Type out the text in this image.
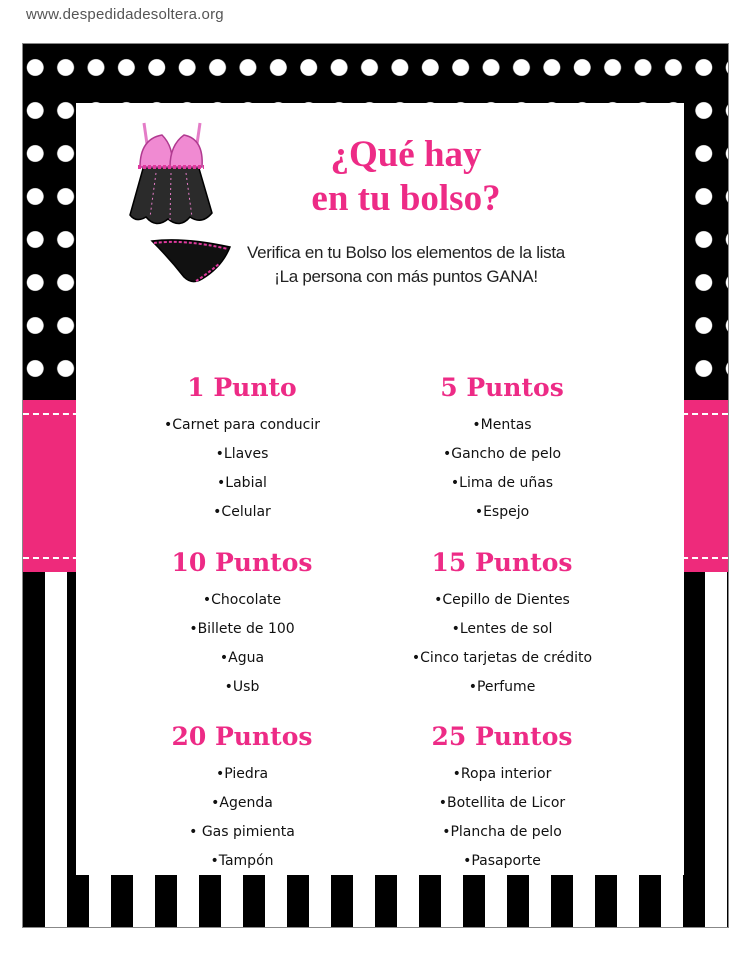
www.despedidadesoltera.org
¿Qué hay
en tu bolso?
Verifica en tu Bolso los elementos de la lista
¡La persona con más puntos GANA!
1 Punto
•Carnet para conducir
•Llaves
•Labial
•Celular
5 Puntos
•Mentas
•Gancho de pelo
•Lima de uñas
•Espejo
10 Puntos
•Chocolate
•Billete de 100
•Agua
•Usb
15 Puntos
•Cepillo de Dientes
•Lentes de sol
•Cinco tarjetas de crédito
•Perfume
20 Puntos
•Piedra
•Agenda
• Gas pimienta
•Tampón
25 Puntos
•Ropa interior
•Botellita de Licor
•Plancha de pelo
•Pasaporte
